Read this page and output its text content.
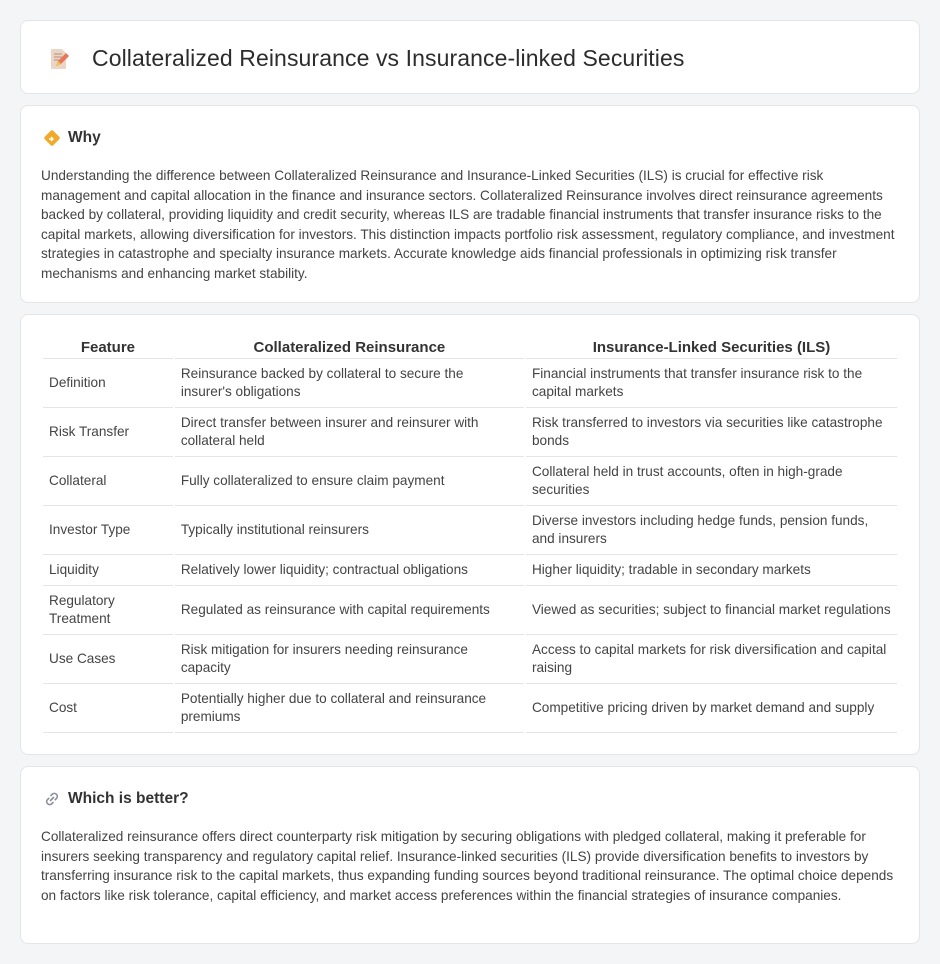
Collateralized Reinsurance vs Insurance-linked Securities
Why

Understanding the difference between Collateralized Reinsurance and Insurance-Linked Securities (ILS) is crucial for effective risk management and capital allocation in the finance and insurance sectors. Collateralized Reinsurance involves direct reinsurance agreements backed by collateral, providing liquidity and credit security, whereas ILS are tradable financial instruments that transfer insurance risks to the capital markets, allowing diversification for investors. This distinction impacts portfolio risk assessment, regulatory compliance, and investment strategies in catastrophe and specialty insurance markets. Accurate knowledge aids financial professionals in optimizing risk transfer mechanisms and enhancing market stability.

Feature	Collateralized Reinsurance	Insurance-Linked Securities (ILS)
Definition	Reinsurance backed by collateral to secure the insurer's obligations	Financial instruments that transfer insurance risk to the capital markets
Risk Transfer	Direct transfer between insurer and reinsurer with collateral held	Risk transferred to investors via securities like catastrophe bonds
Collateral	Fully collateralized to ensure claim payment	Collateral held in trust accounts, often in high-grade securities
Investor Type	Typically institutional reinsurers	Diverse investors including hedge funds, pension funds, and insurers
Liquidity	Relatively lower liquidity; contractual obligations	Higher liquidity; tradable in secondary markets
Regulatory Treatment	Regulated as reinsurance with capital requirements	Viewed as securities; subject to financial market regulations
Use Cases	Risk mitigation for insurers needing reinsurance capacity	Access to capital markets for risk diversification and capital raising
Cost	Potentially higher due to collateral and reinsurance premiums	Competitive pricing driven by market demand and supply
Which is better?

Collateralized reinsurance offers direct counterparty risk mitigation by securing obligations with pledged collateral, making it preferable for insurers seeking transparency and regulatory capital relief. Insurance-linked securities (ILS) provide diversification benefits to investors by transferring insurance risk to the capital markets, thus expanding funding sources beyond traditional reinsurance. The optimal choice depends on factors like risk tolerance, capital efficiency, and market access preferences within the financial strategies of insurance companies.
